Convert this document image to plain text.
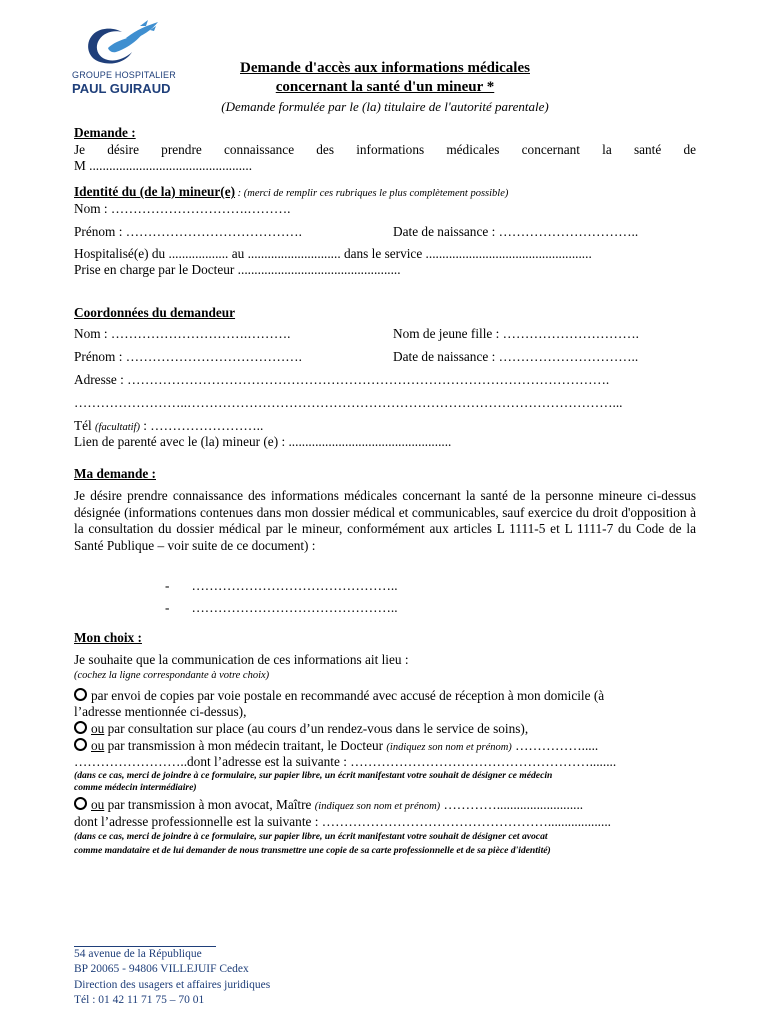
GROUPE HOSPITALIER
PAUL GUIRAUD
Demande d'accès aux informations médicales
concernant la santé d'un mineur *
(Demande formulée par le (la) titulaire de l'autorité parentale)
Demande :
Je désire prendre connaissance des informations médicales concernant la santé de
M .................................................
Identité du (de la) mineur(e) : (merci de remplir ces rubriques le plus complètement possible)
Nom : ………………………….……….
Prénom : ………………………………….	Date de naissance : …………………………..
Hospitalisé(e) du .................. au ............................ dans le service ..................................................
Prise en charge par le Docteur .................................................
Coordonnées du demandeur
Nom : ………………………….……….	Nom de jeune fille : ………………………….
Prénom : ………………………………….	Date de naissance : …………………………..
Adresse : ……………………………………………………………………………………………….
……………………..……………………………………………………………………………………...
Tél (facultatif) : ……………………..
Lien de parenté avec le (la) mineur (e) : .................................................
Ma demande :
Je désire prendre connaissance des informations médicales concernant la santé de la personne mineure ci-dessus désignée (informations contenues dans mon dossier médical et communicables, sauf exercice du droit d'opposition à la consultation du dossier médical par le mineur, conformément aux articles L 1111-5 et L 1111-7 du Code de la Santé Publique – voir suite de ce document) :
- ………………………………………..
- ………………………………………..
Mon choix :
Je souhaite que la communication de ces informations ait lieu :
(cochez la ligne correspondante à votre choix)
par envoi de copies par voie postale en recommandé avec accusé de réception à mon domicile (à
l’adresse mentionnée ci-dessus),
ou par consultation sur place (au cours d’un rendez-vous dans le service de soins),
ou par transmission à mon médecin traitant, le Docteur (indiquez son nom et prénom) …………….....
……………………..dont l’adresse est la suivante : ………………………………………………........
(dans ce cas, merci de joindre à ce formulaire, sur papier libre, un écrit manifestant votre souhait de désigner ce médecin
comme médecin intermédiaire)
ou par transmission à mon avocat, Maître (indiquez son nom et prénom) …………..........................
dont l’adresse professionnelle est la suivante : ……………………………………………...................
(dans ce cas, merci de joindre à ce formulaire, sur papier libre, un écrit manifestant votre souhait de désigner cet avocat
comme mandataire et de lui demander de nous transmettre une copie de sa carte professionnelle et de sa pièce d'identité)
54 avenue de la République
BP 20065 - 94806 VILLEJUIF Cedex
Direction des usagers et affaires juridiques
Tél : 01 42 11 71 75 – 70 01
